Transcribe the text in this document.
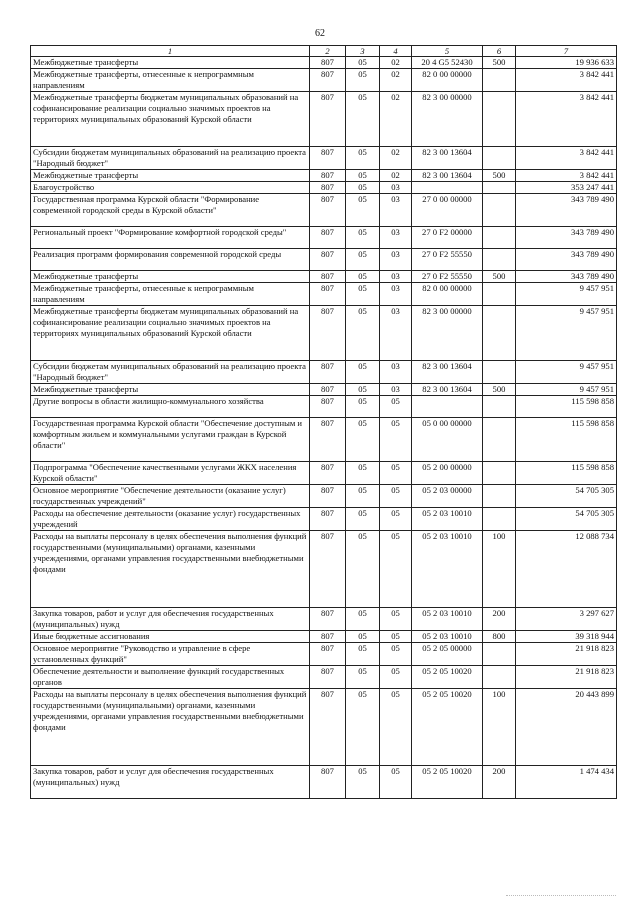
62
1	2	3	4	5	6	7
Межбюджетные трансферты	807	05	02	20 4 G5 52430	500	19 936 633
Межбюджетные трансферты, отнесенные к непрограммным направлениям	807	05	02	82 0 00 00000		3 842 441
Межбюджетные трансферты бюджетам муниципальных образований на софинансирование реализации социально значимых проектов на территориях муниципальных образований Курской области	807	05	02	82 3 00 00000		3 842 441
Субсидии бюджетам муниципальных образований на реализацию проекта "Народный бюджет"	807	05	02	82 3 00 13604		3 842 441
Межбюджетные трансферты	807	05	02	82 3 00 13604	500	3 842 441
Благоустройство	807	05	03			353 247 441
Государственная программа Курской области "Формирование современной городской среды в Курской области"	807	05	03	27 0 00 00000		343 789 490
Региональный проект "Формирование комфортной городской среды"	807	05	03	27 0 F2 00000		343 789 490
Реализация программ формирования современной городской среды	807	05	03	27 0 F2 55550		343 789 490
Межбюджетные трансферты	807	05	03	27 0 F2 55550	500	343 789 490
Межбюджетные трансферты, отнесенные к непрограммным направлениям	807	05	03	82 0 00 00000		9 457 951
Межбюджетные трансферты бюджетам муниципальных образований на софинансирование реализации социально значимых проектов на территориях муниципальных образований Курской области	807	05	03	82 3 00 00000		9 457 951
Субсидии бюджетам муниципальных образований на реализацию проекта "Народный бюджет"	807	05	03	82 3 00 13604		9 457 951
Межбюджетные трансферты	807	05	03	82 3 00 13604	500	9 457 951
Другие вопросы в области жилищно-коммунального хозяйства	807	05	05			115 598 858
Государственная программа Курской области "Обеспечение доступным и комфортным жильем и коммунальными услугами граждан в Курской области"	807	05	05	05 0 00 00000		115 598 858
Подпрограмма "Обеспечение качественными услугами ЖКХ населения Курской области"	807	05	05	05 2 00 00000		115 598 858
Основное мероприятие "Обеспечение деятельности (оказание услуг) государственных учреждений"	807	05	05	05 2 03 00000		54 705 305
Расходы на обеспечение деятельности (оказание услуг) государственных учреждений	807	05	05	05 2 03 10010		54 705 305
Расходы на выплаты персоналу в целях обеспечения выполнения функций государственными (муниципальными) органами, казенными учреждениями, органами управления государственными внебюджетными фондами	807	05	05	05 2 03 10010	100	12 088 734
Закупка товаров, работ и услуг для обеспечения государственных (муниципальных) нужд	807	05	05	05 2 03 10010	200	3 297 627
Иные бюджетные ассигнования	807	05	05	05 2 03 10010	800	39 318 944
Основное мероприятие "Руководство и управление в сфере установленных функций"	807	05	05	05 2 05 00000		21 918 823
Обеспечение деятельности и выполнение функций государственных органов	807	05	05	05 2 05 10020		21 918 823
Расходы на выплаты персоналу в целях обеспечения выполнения функций государственными (муниципальными) органами, казенными учреждениями, органами управления государственными внебюджетными фондами	807	05	05	05 2 05 10020	100	20 443 899
Закупка товаров, работ и услуг для обеспечения государственных (муниципальных) нужд	807	05	05	05 2 05 10020	200	1 474 434
